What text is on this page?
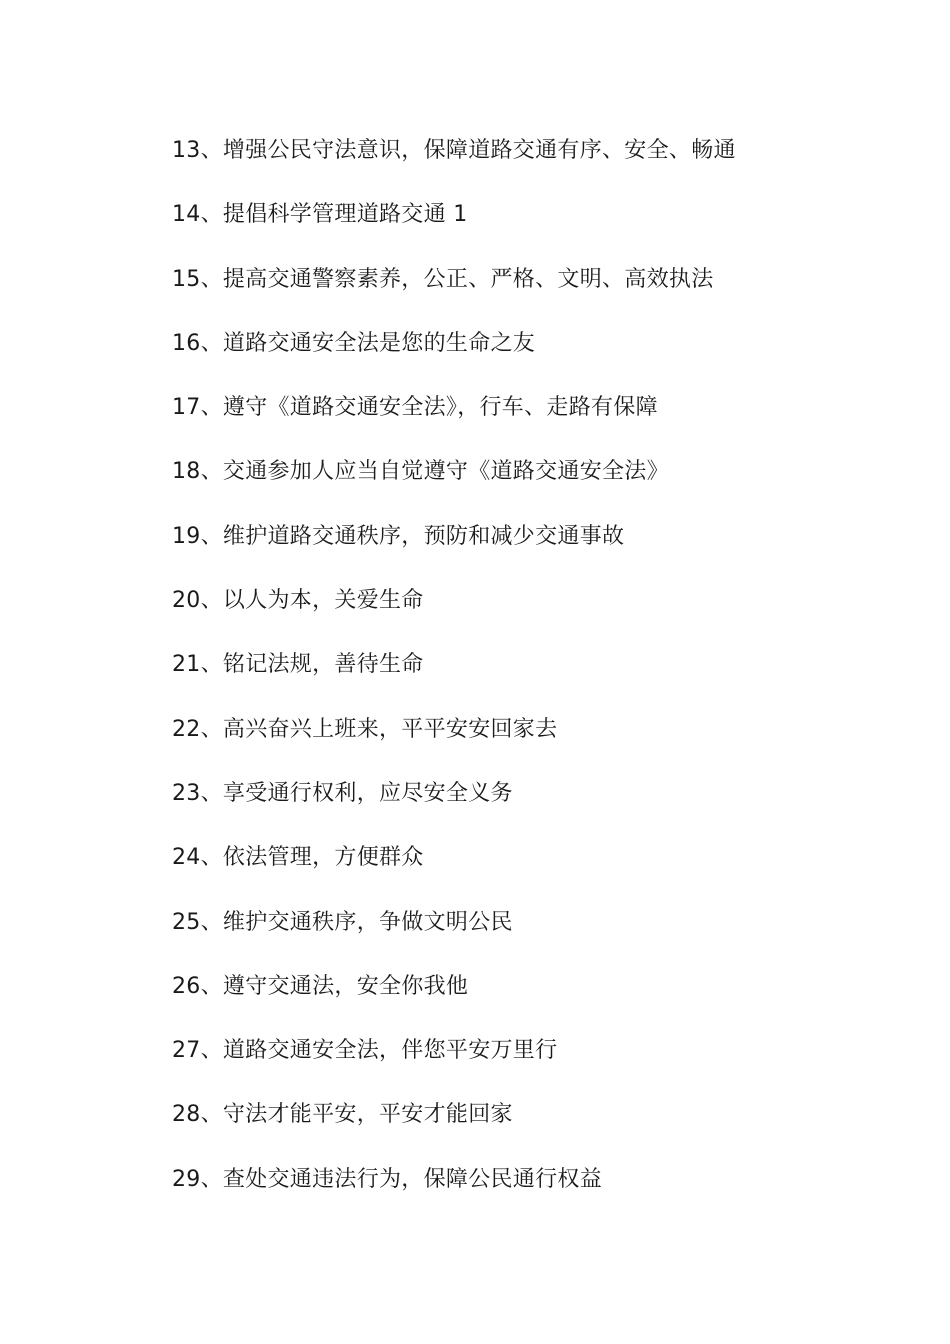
13、增强公民守法意识，保障道路交通有序、安全、畅通
14、提倡科学管理道路交通 1
15、提高交通警察素养，公正、严格、文明、高效执法
16、道路交通安全法是您的生命之友
17、遵守《道路交通安全法》，行车、走路有保障
18、交通参加人应当自觉遵守《道路交通安全法》
19、维护道路交通秩序，预防和减少交通事故
20、以人为本，关爱生命
21、铭记法规，善待生命
22、高兴奋兴上班来，平平安安回家去
23、享受通行权利，应尽安全义务
24、依法管理，方便群众
25、维护交通秩序，争做文明公民
26、遵守交通法，安全你我他
27、道路交通安全法，伴您平安万里行
28、守法才能平安，平安才能回家
29、查处交通违法行为，保障公民通行权益
